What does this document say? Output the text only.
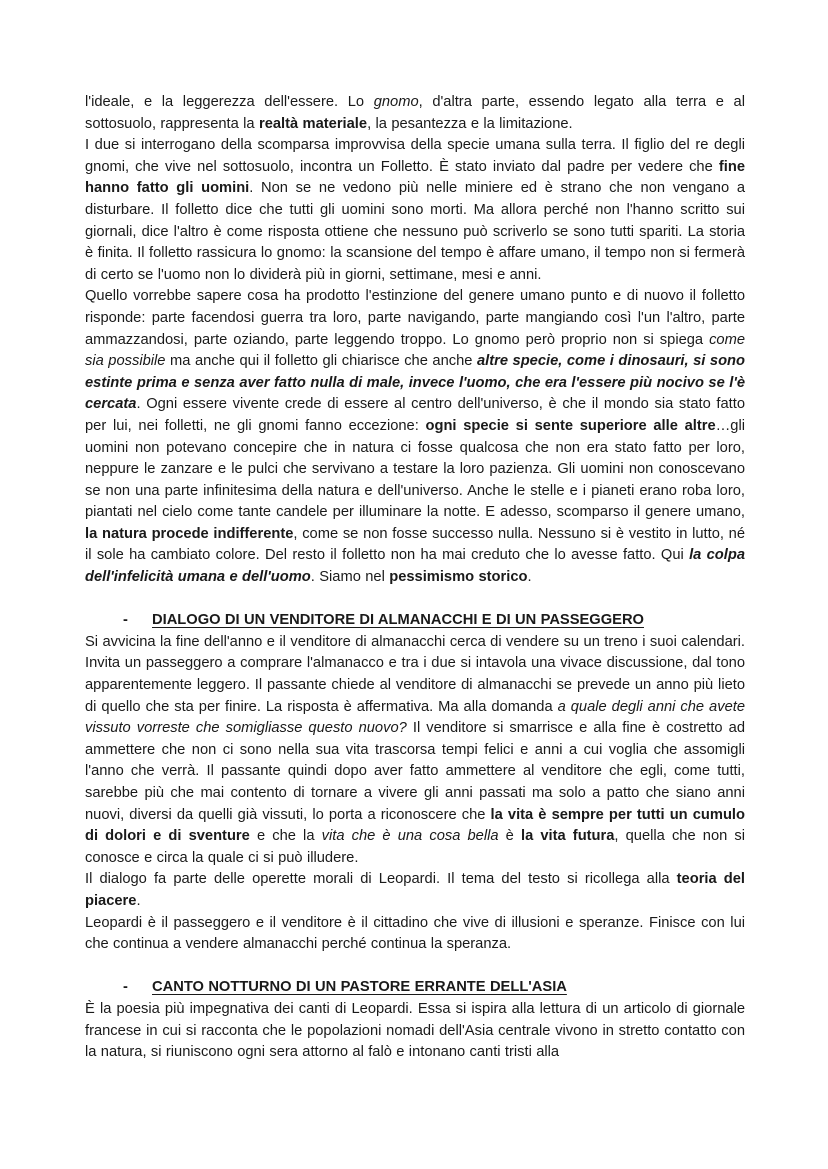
l'ideale, e la leggerezza dell'essere. Lo gnomo, d'altra parte, essendo legato alla terra e al sottosuolo, rappresenta la realtà materiale, la pesantezza e la limitazione.

I due si interrogano della scomparsa improvvisa della specie umana sulla terra. Il figlio del re degli gnomi, che vive nel sottosuolo, incontra un Folletto. È stato inviato dal padre per vedere che fine hanno fatto gli uomini. Non se ne vedono più nelle miniere ed è strano che non vengano a disturbare. Il folletto dice che tutti gli uomini sono morti. Ma allora perché non l'hanno scritto sui giornali, dice l'altro è come risposta ottiene che nessuno può scriverlo se sono tutti spariti. La storia è finita. Il folletto rassicura lo gnomo: la scansione del tempo è affare umano, il tempo non si fermerà di certo se l'uomo non lo dividerà più in giorni, settimane, mesi e anni.

Quello vorrebbe sapere cosa ha prodotto l'estinzione del genere umano punto e di nuovo il folletto risponde: parte facendosi guerra tra loro, parte navigando, parte mangiando così l'un l'altro, parte ammazzandosi, parte oziando, parte leggendo troppo. Lo gnomo però proprio non si spiega come sia possibile ma anche qui il folletto gli chiarisce che anche altre specie, come i dinosauri, si sono estinte prima e senza aver fatto nulla di male, invece l'uomo, che era l'essere più nocivo se l'è cercata. Ogni essere vivente crede di essere al centro dell'universo, è che il mondo sia stato fatto per lui, nei folletti, ne gli gnomi fanno eccezione: ogni specie si sente superiore alle altre…gli uomini non potevano concepire che in natura ci fosse qualcosa che non era stato fatto per loro, neppure le zanzare e le pulci che servivano a testare la loro pazienza. Gli uomini non conoscevano se non una parte infinitesima della natura e dell'universo. Anche le stelle e i pianeti erano roba loro, piantati nel cielo come tante candele per illuminare la notte. E adesso, scomparso il genere umano, la natura procede indifferente, come se non fosse successo nulla. Nessuno si è vestito in lutto, né il sole ha cambiato colore. Del resto il folletto non ha mai creduto che lo avesse fatto. Qui la colpa dell'infelicità umana e dell'uomo. Siamo nel pessimismo storico.

- DIALOGO DI UN VENDITORE DI ALMANACCHI E DI UN PASSEGGERO

Si avvicina la fine dell'anno e il venditore di almanacchi cerca di vendere su un treno i suoi calendari. Invita un passeggero a comprare l'almanacco e tra i due si intavola una vivace discussione, dal tono apparentemente leggero. Il passante chiede al venditore di almanacchi se prevede un anno più lieto di quello che sta per finire. La risposta è affermativa. Ma alla domanda a quale degli anni che avete vissuto vorreste che somigliasse questo nuovo? Il venditore si smarrisce e alla fine è costretto ad ammettere che non ci sono nella sua vita trascorsa tempi felici e anni a cui voglia che assomigli l'anno che verrà. Il passante quindi dopo aver fatto ammettere al venditore che egli, come tutti, sarebbe più che mai contento di tornare a vivere gli anni passati ma solo a patto che siano anni nuovi, diversi da quelli già vissuti, lo porta a riconoscere che la vita è sempre per tutti un cumulo di dolori e di sventure e che la vita che è una cosa bella è la vita futura, quella che non si conosce e circa la quale ci si può illudere.

Il dialogo fa parte delle operette morali di Leopardi. Il tema del testo si ricollega alla teoria del piacere.

Leopardi è il passeggero e il venditore è il cittadino che vive di illusioni e speranze. Finisce con lui che continua a vendere almanacchi perché continua la speranza.

- CANTO NOTTURNO DI UN PASTORE ERRANTE DELL'ASIA

È la poesia più impegnativa dei canti di Leopardi. Essa si ispira alla lettura di un articolo di giornale francese in cui si racconta che le popolazioni nomadi dell'Asia centrale vivono in stretto contatto con la natura, si riuniscono ogni sera attorno al falò e intonano canti tristi alla
